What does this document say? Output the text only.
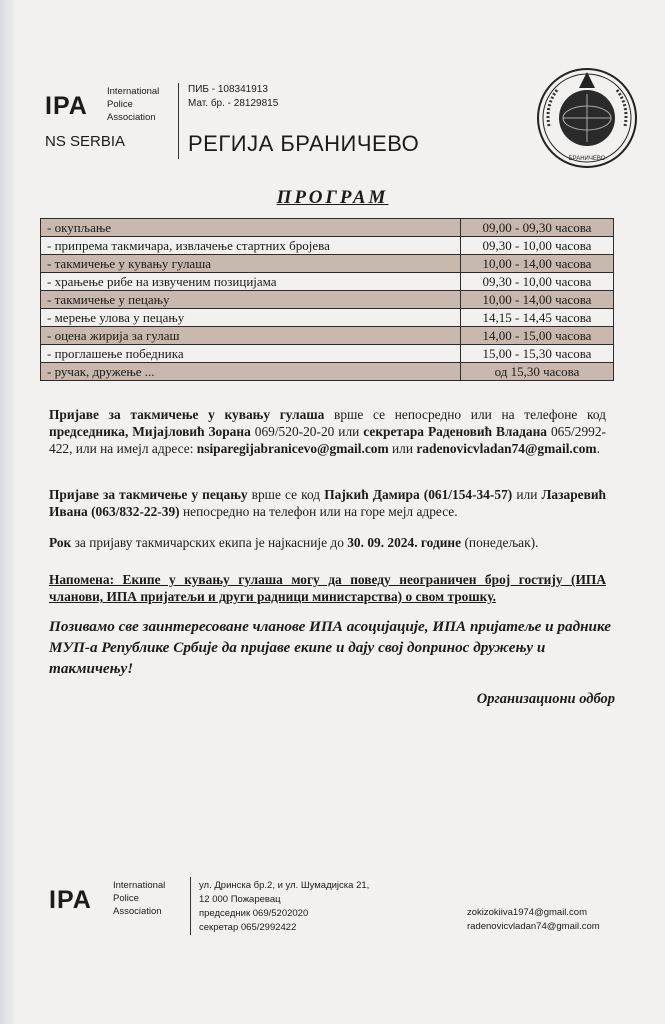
IPA
International
Police
Association
NS SERBIA
ПИБ - 108341913
Мат. бр. - 28129815
РЕГИЈА БРАНИЧЕВО
БРАНИЧЕВО
ПРОГРАМ
- окупљање	09,00 - 09,30 часова
- припрема такмичара, извлачење стартних бројева	09,30 - 10,00 часова
- такмичење у кувању гулаша	10,00 - 14,00 часова
- храњење рибе на извученим позицијама	09,30 - 10,00 часова
- такмичење у пецању	10,00 - 14,00 часова
- мерење улова у пецању	14,15 - 14,45 часова
- оцена жирија за гулаш	14,00 - 15,00 часова
- проглашење победника	15,00 - 15,30 часова
- ручак, дружење ...	од 15,30 часова
Пријаве за такмичење у кувању гулаша врше се непосредно или на телефоне код председника, Мијајловић Зорана 069/520-20-20 или секретара Раденовић Владана 065/2992-422, или на имејл адресе: nsiparegijabranicevo@gmail.com или radenovicvladan74@gmail.com.
Пријаве за такмичење у пецању врше се код Пајкић Дамира (061/154-34-57) или Лазаревић Ивана (063/832-22-39) непосредно на телефон или на горе мејл адресе.
Рок за пријаву такмичарских екипа је најкасније до 30. 09. 2024. године (понедељак).
Напомена: Екипе у кувању гулаша могу да поведу неограничен број гостију (ИПА чланови, ИПА пријатељи и други радници министарства) о свом трошку.
Позивамо све заинтересоване чланове ИПА асоцијације, ИПА пријатеље и раднике МУП-а Републике Србије да пријаве екипе и дају свој допринос дружењу и такмичењу!
Организациони одбор
IPA
International
Police
Association
ул. Дринска бр.2, и ул. Шумадијска 21,
12 000 Пожаревац
председник 069/5202020
секретар 065/2992422
zokizokiiva1974@gmail.com
radenovicvladan74@gmail.com
